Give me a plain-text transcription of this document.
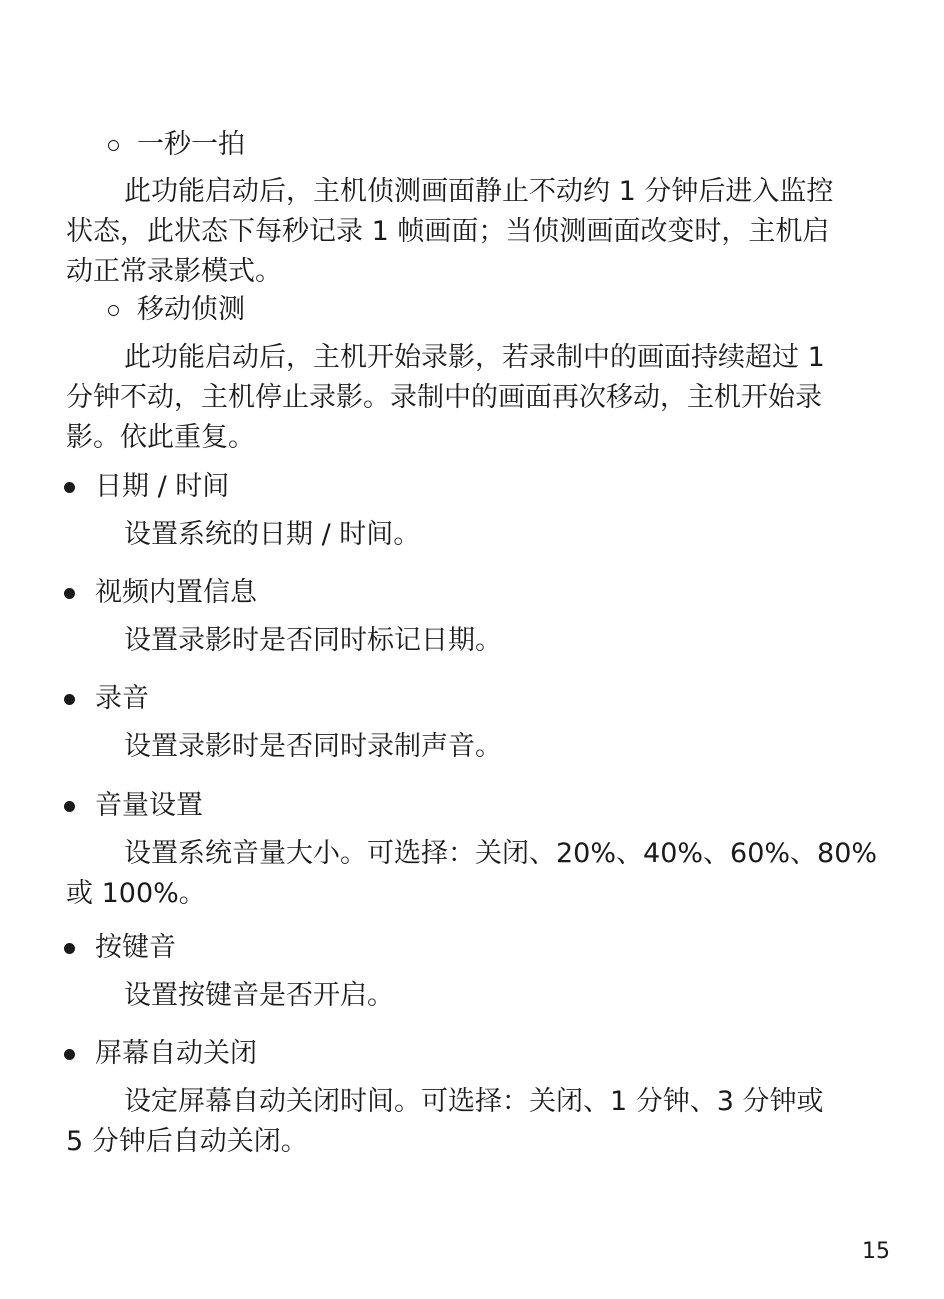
一秒一拍
此功能启动后，主机侦测画面静止不动约 1 分钟后进入监控
状态，此状态下每秒记录 1 帧画面；当侦测画面改变时，主机启
动正常录影模式。
移动侦测
此功能启动后，主机开始录影，若录制中的画面持续超过 1
分钟不动，主机停止录影。录制中的画面再次移动，主机开始录
影。依此重复。
日期 / 时间
设置系统的日期 / 时间。
视频内置信息
设置录影时是否同时标记日期。
录音
设置录影时是否同时录制声音。
音量设置
设置系统音量大小。可选择：关闭、20%、40%、60%、80%
或 100%。
按键音
设置按键音是否开启。
屏幕自动关闭
设定屏幕自动关闭时间。可选择：关闭、1 分钟、3 分钟或
5 分钟后自动关闭。
15
